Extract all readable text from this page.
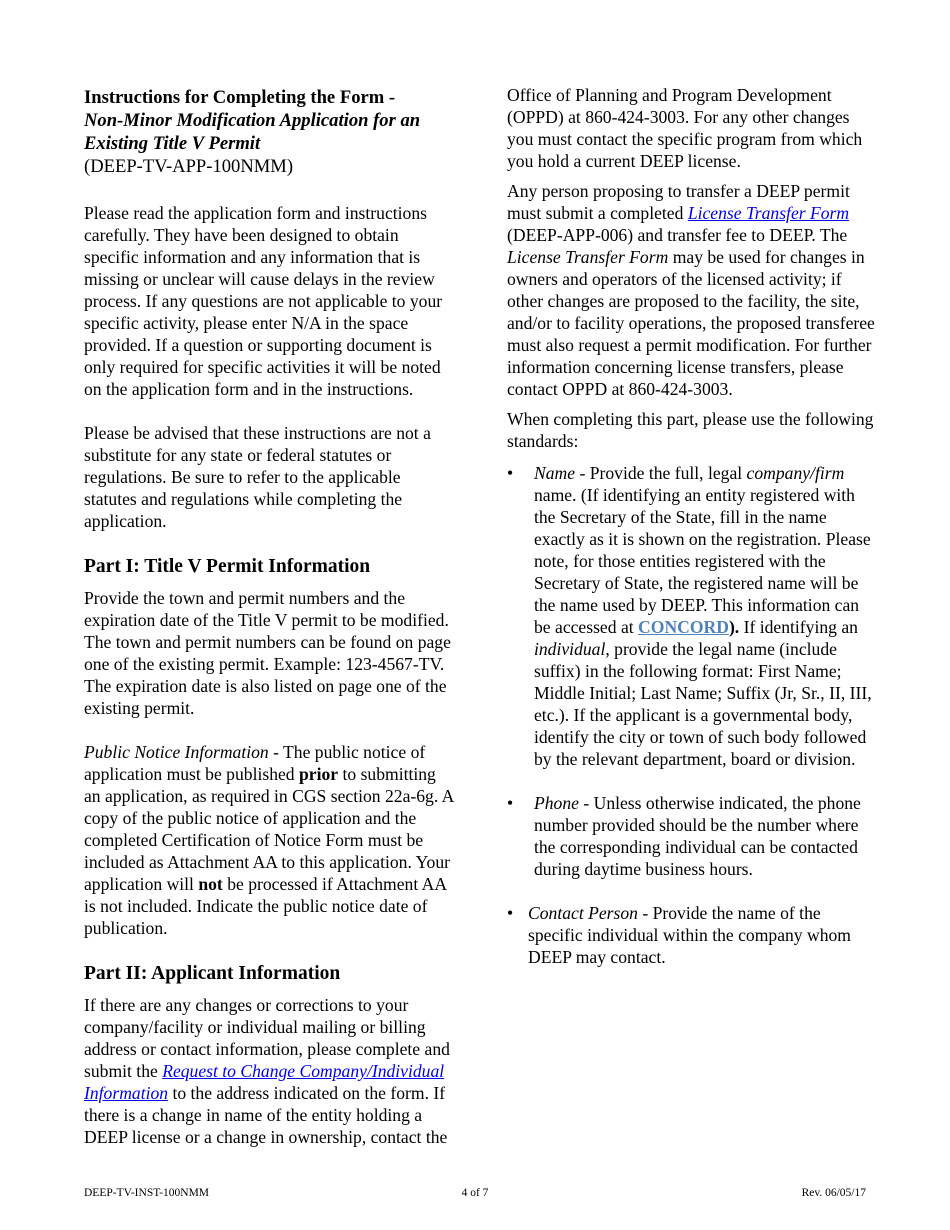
Instructions for Completing the Form -
Non-Minor Modification Application for an Existing Title V Permit
(DEEP-TV-APP-100NMM)

Please read the application form and instructions carefully. They have been designed to obtain specific information and any information that is missing or unclear will cause delays in the review process. If any questions are not applicable to your specific activity, please enter N/A in the space provided. If a question or supporting document is only required for specific activities it will be noted on the application form and in the instructions.

Please be advised that these instructions are not a substitute for any state or federal statutes or regulations. Be sure to refer to the applicable statutes and regulations while completing the application.

Part I: Title V Permit Information

Provide the town and permit numbers and the expiration date of the Title V permit to be modified. The town and permit numbers can be found on page one of the existing permit. Example: 123-4567-TV. The expiration date is also listed on page one of the existing permit.

Public Notice Information - The public notice of application must be published prior to submitting an application, as required in CGS section 22a-6g. A copy of the public notice of application and the completed Certification of Notice Form must be included as Attachment AA to this application. Your application will not be processed if Attachment AA is not included. Indicate the public notice date of publication.

Part II: Applicant Information

If there are any changes or corrections to your company/facility or individual mailing or billing address or contact information, please complete and submit the Request to Change Company/Individual Information to the address indicated on the form. If there is a change in name of the entity holding a DEEP license or a change in ownership, contact the

Office of Planning and Program Development (OPPD) at 860-424-3003. For any other changes you must contact the specific program from which you hold a current DEEP license.

Any person proposing to transfer a DEEP permit must submit a completed License Transfer Form (DEEP-APP-006) and transfer fee to DEEP. The License Transfer Form may be used for changes in owners and operators of the licensed activity; if other changes are proposed to the facility, the site, and/or to facility operations, the proposed transferee must also request a permit modification. For further information concerning license transfers, please contact OPPD at 860-424-3003.

When completing this part, please use the following standards:

• Name - Provide the full, legal company/firm name. (If identifying an entity registered with the Secretary of the State, fill in the name exactly as it is shown on the registration. Please note, for those entities registered with the Secretary of State, the registered name will be the name used by DEEP. This information can be accessed at CONCORD). If identifying an individual, provide the legal name (include suffix) in the following format: First Name; Middle Initial; Last Name; Suffix (Jr, Sr., II, III, etc.). If the applicant is a governmental body, identify the city or town of such body followed by the relevant department, board or division.
• Phone - Unless otherwise indicated, the phone number provided should be the number where the corresponding individual can be contacted during daytime business hours.
• Contact Person - Provide the name of the specific individual within the company whom DEEP may contact.
DEEP-TV-INST-100NMM	4 of 7	Rev. 06/05/17
